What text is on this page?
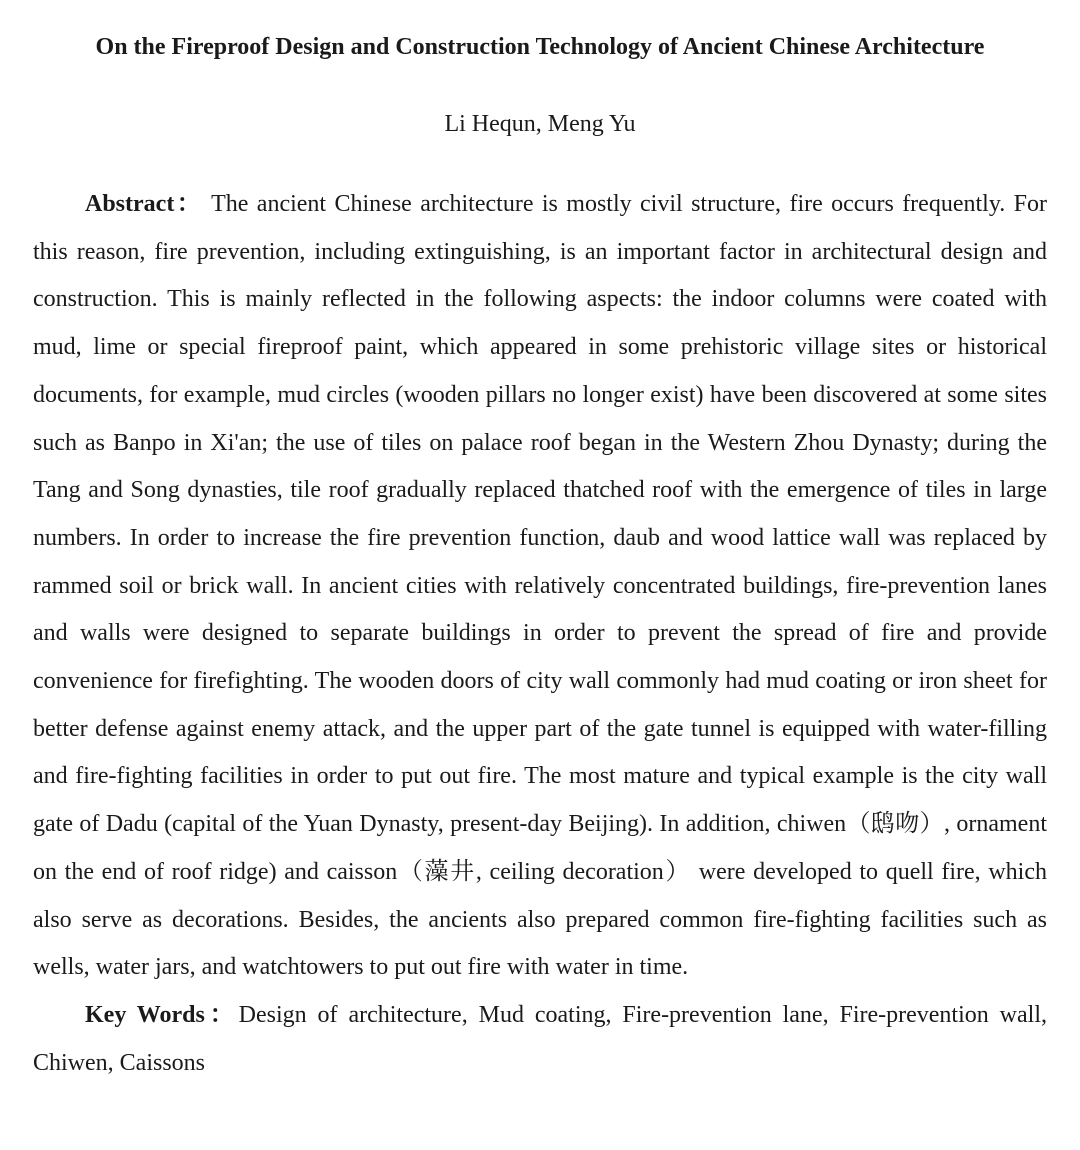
On the Fireproof Design and Construction Technology of Ancient Chinese Architecture
Li Hequn, Meng Yu

Abstract： The ancient Chinese architecture is mostly civil structure, fire occurs frequently. For this reason, fire prevention, including extinguishing, is an important factor in architectural design and construction. This is mainly reflected in the following aspects: the indoor columns were coated with mud, lime or special fireproof paint, which appeared in some prehistoric village sites or historical documents, for example, mud circles (wooden pillars no longer exist) have been discovered at some sites such as Banpo in Xi'an; the use of tiles on palace roof began in the Western Zhou Dynasty; during the Tang and Song dynasties, tile roof gradually replaced thatched roof with the emergence of tiles in large numbers. In order to increase the fire prevention function, daub and wood lattice wall was replaced by rammed soil or brick wall. In ancient cities with relatively concentrated buildings, fire-prevention lanes and walls were designed to separate buildings in order to prevent the spread of fire and provide convenience for firefighting. The wooden doors of city wall commonly had mud coating or iron sheet for better defense against enemy attack, and the upper part of the gate tunnel is equipped with water-filling and fire-fighting facilities in order to put out fire. The most mature and typical example is the city wall gate of Dadu (capital of the Yuan Dynasty, present-day Beijing). In addition, chiwen（鸱吻）, ornament on the end of roof ridge) and caisson（藻井, ceiling decoration） were developed to quell fire, which also serve as decorations. Besides, the ancients also prepared common fire-fighting facilities such as wells, water jars, and watchtowers to put out fire with water in time.

Key Words：Design of architecture, Mud coating, Fire-prevention lane, Fire-prevention wall, Chiwen, Caissons
